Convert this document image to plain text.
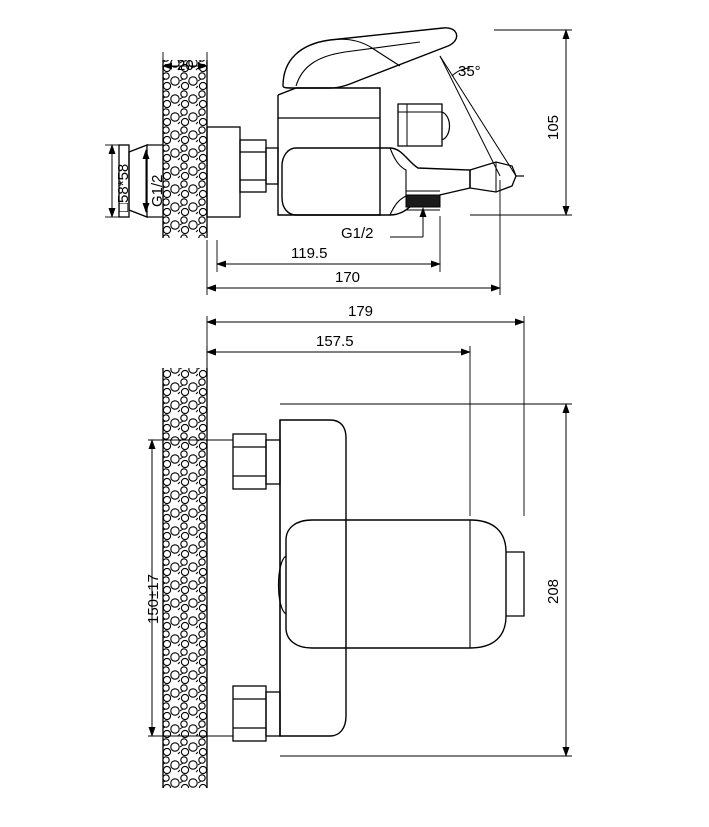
20
□58*58 G1/2
G1/2
35°
105
119.5
170
179
157.5
150±17	208
